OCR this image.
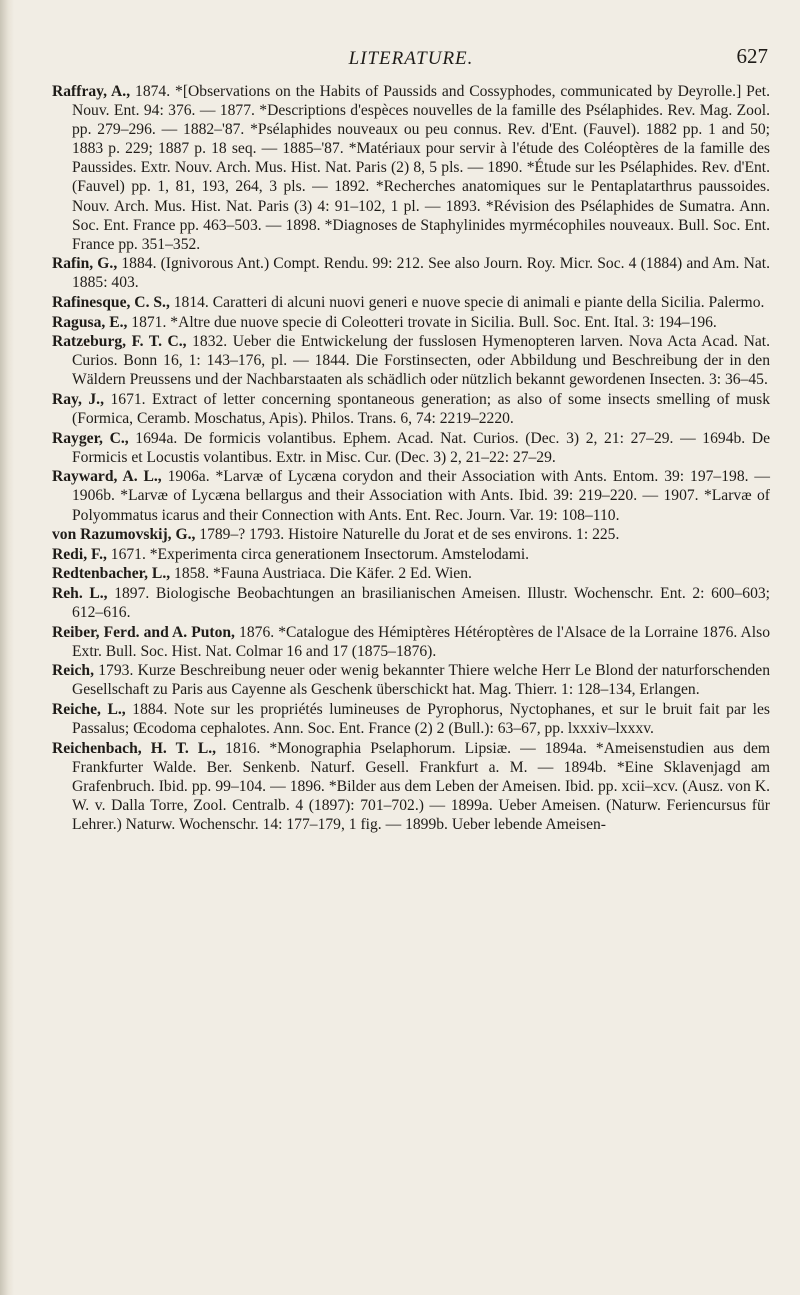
LITERATURE.	627

Raffray, A., 1874. *[Observations on the Habits of Paussids and Cossyphodes, communicated by Deyrolle.] Pet. Nouv. Ent. 94: 376. — 1877. *Descriptions d'espèces nouvelles de la famille des Psélaphides. Rev. Mag. Zool. pp. 279–296. — 1882–'87. *Psélaphides nouveaux ou peu connus. Rev. d'Ent. (Fauvel). 1882 pp. 1 and 50; 1883 p. 229; 1887 p. 18 seq. — 1885–'87. *Matériaux pour servir à l'étude des Coléoptères de la famille des Paussides. Extr. Nouv. Arch. Mus. Hist. Nat. Paris (2) 8, 5 pls. — 1890. *Étude sur les Psélaphides. Rev. d'Ent. (Fauvel) pp. 1, 81, 193, 264, 3 pls. — 1892. *Recherches anatomiques sur le Pentaplatarthrus paussoides. Nouv. Arch. Mus. Hist. Nat. Paris (3) 4: 91–102, 1 pl. — 1893. *Révision des Psélaphides de Sumatra. Ann. Soc. Ent. France pp. 463–503. — 1898. *Diagnoses de Staphylinides myrmécophiles nouveaux. Bull. Soc. Ent. France pp. 351–352.

Rafin, G., 1884. (Ignivorous Ant.) Compt. Rendu. 99: 212. See also Journ. Roy. Micr. Soc. 4 (1884) and Am. Nat. 1885: 403.

Rafinesque, C. S., 1814. Caratteri di alcuni nuovi generi e nuove specie di animali e piante della Sicilia. Palermo.

Ragusa, E., 1871. *Altre due nuove specie di Coleotteri trovate in Sicilia. Bull. Soc. Ent. Ital. 3: 194–196.

Ratzeburg, F. T. C., 1832. Ueber die Entwickelung der fusslosen Hymenopteren larven. Nova Acta Acad. Nat. Curios. Bonn 16, 1: 143–176, pl. — 1844. Die Forstinsecten, oder Abbildung und Beschreibung der in den Wäldern Preussens und der Nachbarstaaten als schädlich oder nützlich bekannt gewordenen Insecten. 3: 36–45.

Ray, J., 1671. Extract of letter concerning spontaneous generation; as also of some insects smelling of musk (Formica, Ceramb. Moschatus, Apis). Philos. Trans. 6, 74: 2219–2220.

Rayger, C., 1694a. De formicis volantibus. Ephem. Acad. Nat. Curios. (Dec. 3) 2, 21: 27–29. — 1694b. De Formicis et Locustis volantibus. Extr. in Misc. Cur. (Dec. 3) 2, 21–22: 27–29.

Rayward, A. L., 1906a. *Larvæ of Lycæna corydon and their Association with Ants. Entom. 39: 197–198. — 1906b. *Larvæ of Lycæna bellargus and their Association with Ants. Ibid. 39: 219–220. — 1907. *Larvæ of Polyommatus icarus and their Connection with Ants. Ent. Rec. Journ. Var. 19: 108–110.

von Razumovskij, G., 1789–? 1793. Histoire Naturelle du Jorat et de ses environs. 1: 225.

Redi, F., 1671. *Experimenta circa generationem Insectorum. Amstelodami.

Redtenbacher, L., 1858. *Fauna Austriaca. Die Käfer. 2 Ed. Wien.

Reh. L., 1897. Biologische Beobachtungen an brasilianischen Ameisen. Illustr. Wochenschr. Ent. 2: 600–603; 612–616.

Reiber, Ferd. and A. Puton, 1876. *Catalogue des Hémiptères Hétéroptères de l'Alsace de la Lorraine 1876. Also Extr. Bull. Soc. Hist. Nat. Colmar 16 and 17 (1875–1876).

Reich, 1793. Kurze Beschreibung neuer oder wenig bekannter Thiere welche Herr Le Blond der naturforschenden Gesellschaft zu Paris aus Cayenne als Geschenk überschickt hat. Mag. Thierr. 1: 128–134, Erlangen.

Reiche, L., 1884. Note sur les propriétés lumineuses de Pyrophorus, Nyctophanes, et sur le bruit fait par les Passalus; Œcodoma cephalotes. Ann. Soc. Ent. France (2) 2 (Bull.): 63–67, pp. lxxxiv–lxxxv.

Reichenbach, H. T. L., 1816. *Monographia Pselaphorum. Lipsiæ. — 1894a. *Ameisenstudien aus dem Frankfurter Walde. Ber. Senkenb. Naturf. Gesell. Frankfurt a. M. — 1894b. *Eine Sklavenjagd am Grafenbruch. Ibid. pp. 99–104. — 1896. *Bilder aus dem Leben der Ameisen. Ibid. pp. xcii–xcv. (Ausz. von K. W. v. Dalla Torre, Zool. Centralb. 4 (1897): 701–702.) — 1899a. Ueber Ameisen. (Naturw. Feriencursus für Lehrer.) Naturw. Wochenschr. 14: 177–179, 1 fig. — 1899b. Ueber lebende Ameisen-
